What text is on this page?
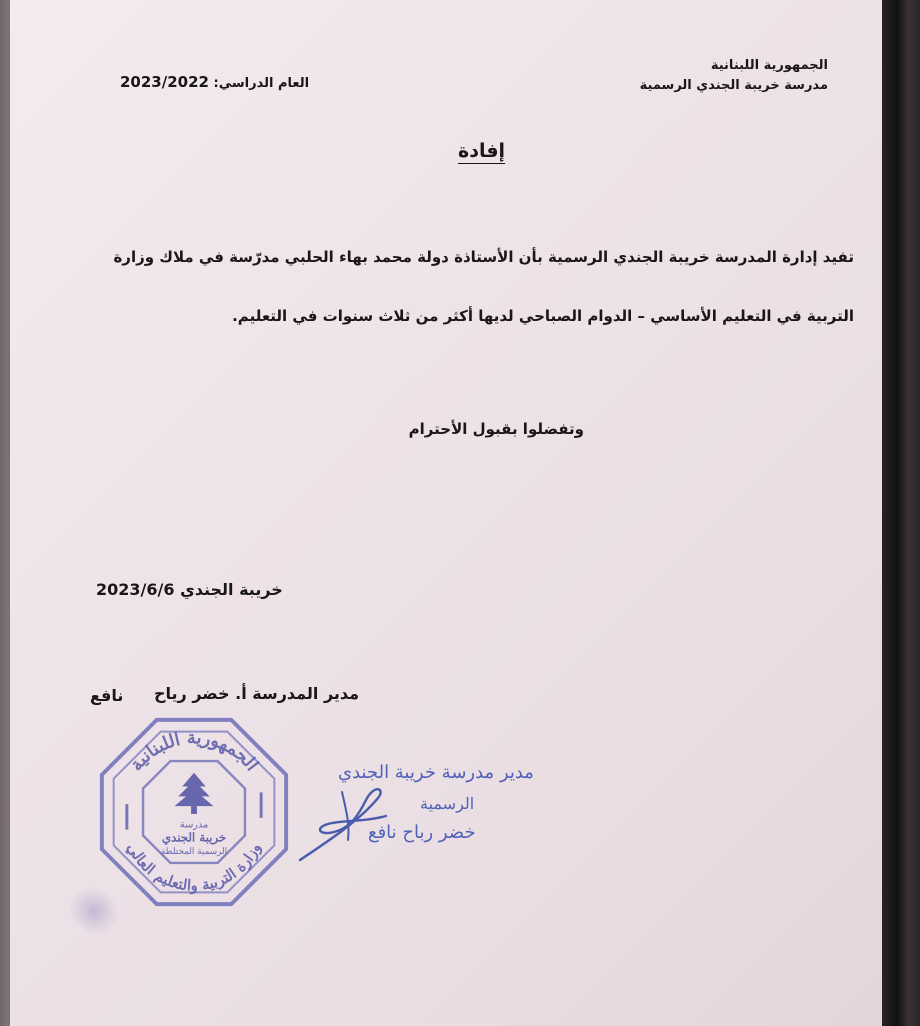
الجمهورية اللبنانية
مدرسة خريبة الجندي الرسمية
العام الدراسي: 2023/2022
إفادة
تفيد إدارة المدرسة خريبة الجندي الرسمية بأن الأستاذة دولة محمد بهاء الحلبي مدرّسة في ملاك وزارة
التربية في التعليم الأساسي – الدوام الصباحي لديها أكثر من ثلاث سنوات في التعليم.
وتفضلوا بقبول الأحترام
خريبة الجندي 2023/6/6
مدير المدرسة أ. خضر رياح
نافع
مدير مدرسة خريبة الجندي
الرسمية
خضر رباح نافع
الجمهورية اللبنانية
وزارة التربية والتعليم العالي
مدرسة
خريبة الجندي
الرسمية المختلطة
